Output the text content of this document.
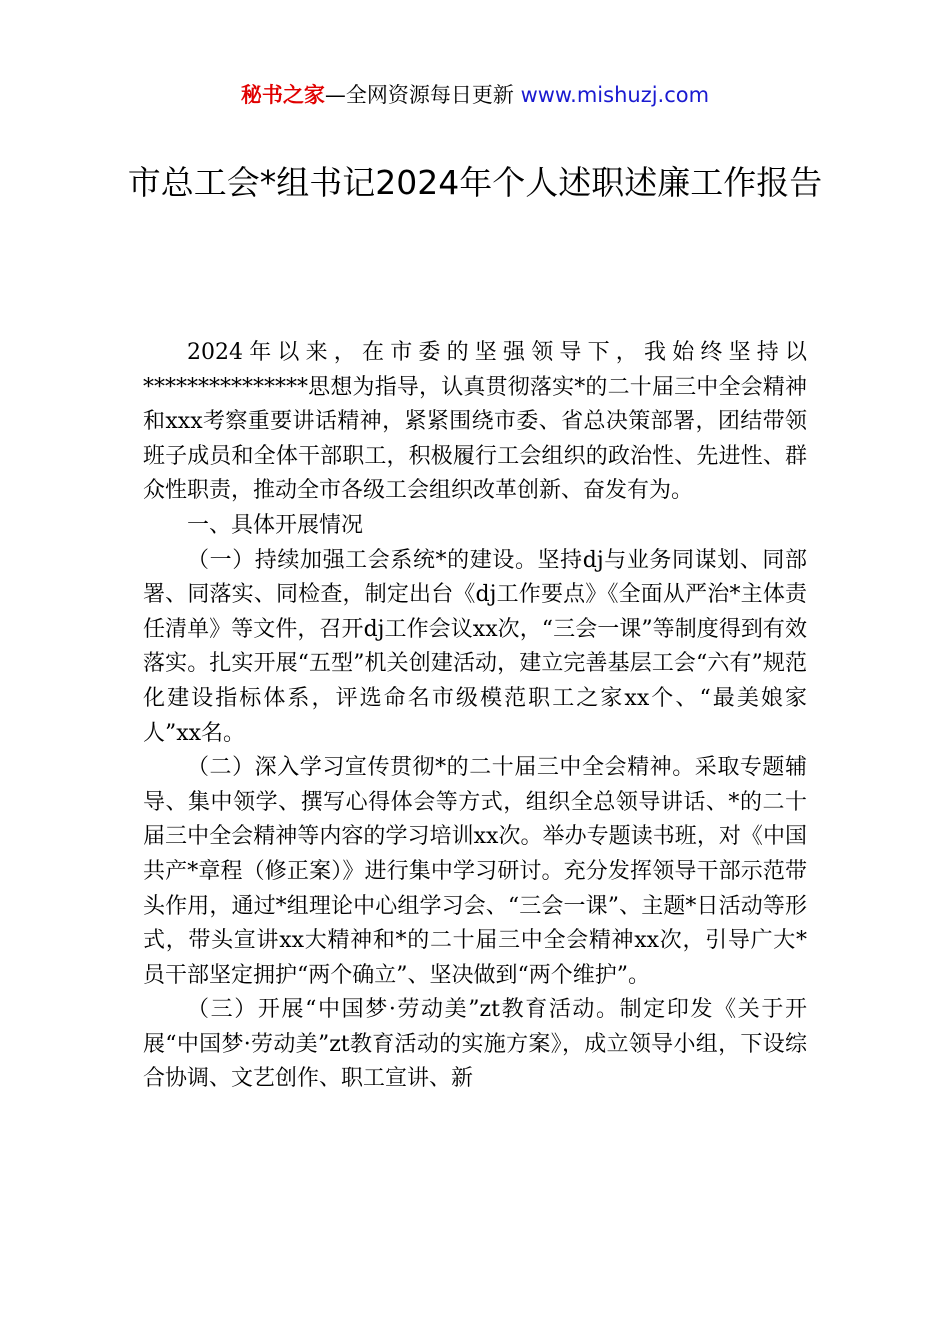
秘书之家—全网资源每日更新 www.mishuzj.com
市总工会*组书记2024年个人述职述廉工作报告

2024年以来，在市委的坚强领导下，我始终坚持以***************思想为指导，认真贯彻落实*的二十届三中全会精神和xxx考察重要讲话精神，紧紧围绕市委、省总决策部署，团结带领班子成员和全体干部职工，积极履行工会组织的政治性、先进性、群众性职责，推动全市各级工会组织改革创新、奋发有为。

一、具体开展情况

（一）持续加强工会系统*的建设。坚持dj与业务同谋划、同部署、同落实、同检查，制定出台《dj工作要点》《全面从严治*主体责任清单》等文件，召开dj工作会议xx次，“三会一课”等制度得到有效落实。扎实开展“五型”机关创建活动，建立完善基层工会“六有”规范化建设指标体系，评选命名市级模范职工之家xx个、“最美娘家人”xx名。

（二）深入学习宣传贯彻*的二十届三中全会精神。采取专题辅导、集中领学、撰写心得体会等方式，组织全总领导讲话、*的二十届三中全会精神等内容的学习培训xx次。举办专题读书班，对《中国共产*章程（修正案）》进行集中学习研讨。充分发挥领导干部示范带头作用，通过*组理论中心组学习会、“三会一课”、主题*日活动等形式，带头宣讲xx大精神和*的二十届三中全会精神xx次，引导广大*员干部坚定拥护“两个确立”、坚决做到“两个维护”。

（三）开展“中国梦·劳动美”zt教育活动。制定印发《关于开展“中国梦·劳动美”zt教育活动的实施方案》，成立领导小组，下设综合协调、文艺创作、职工宣讲、新
